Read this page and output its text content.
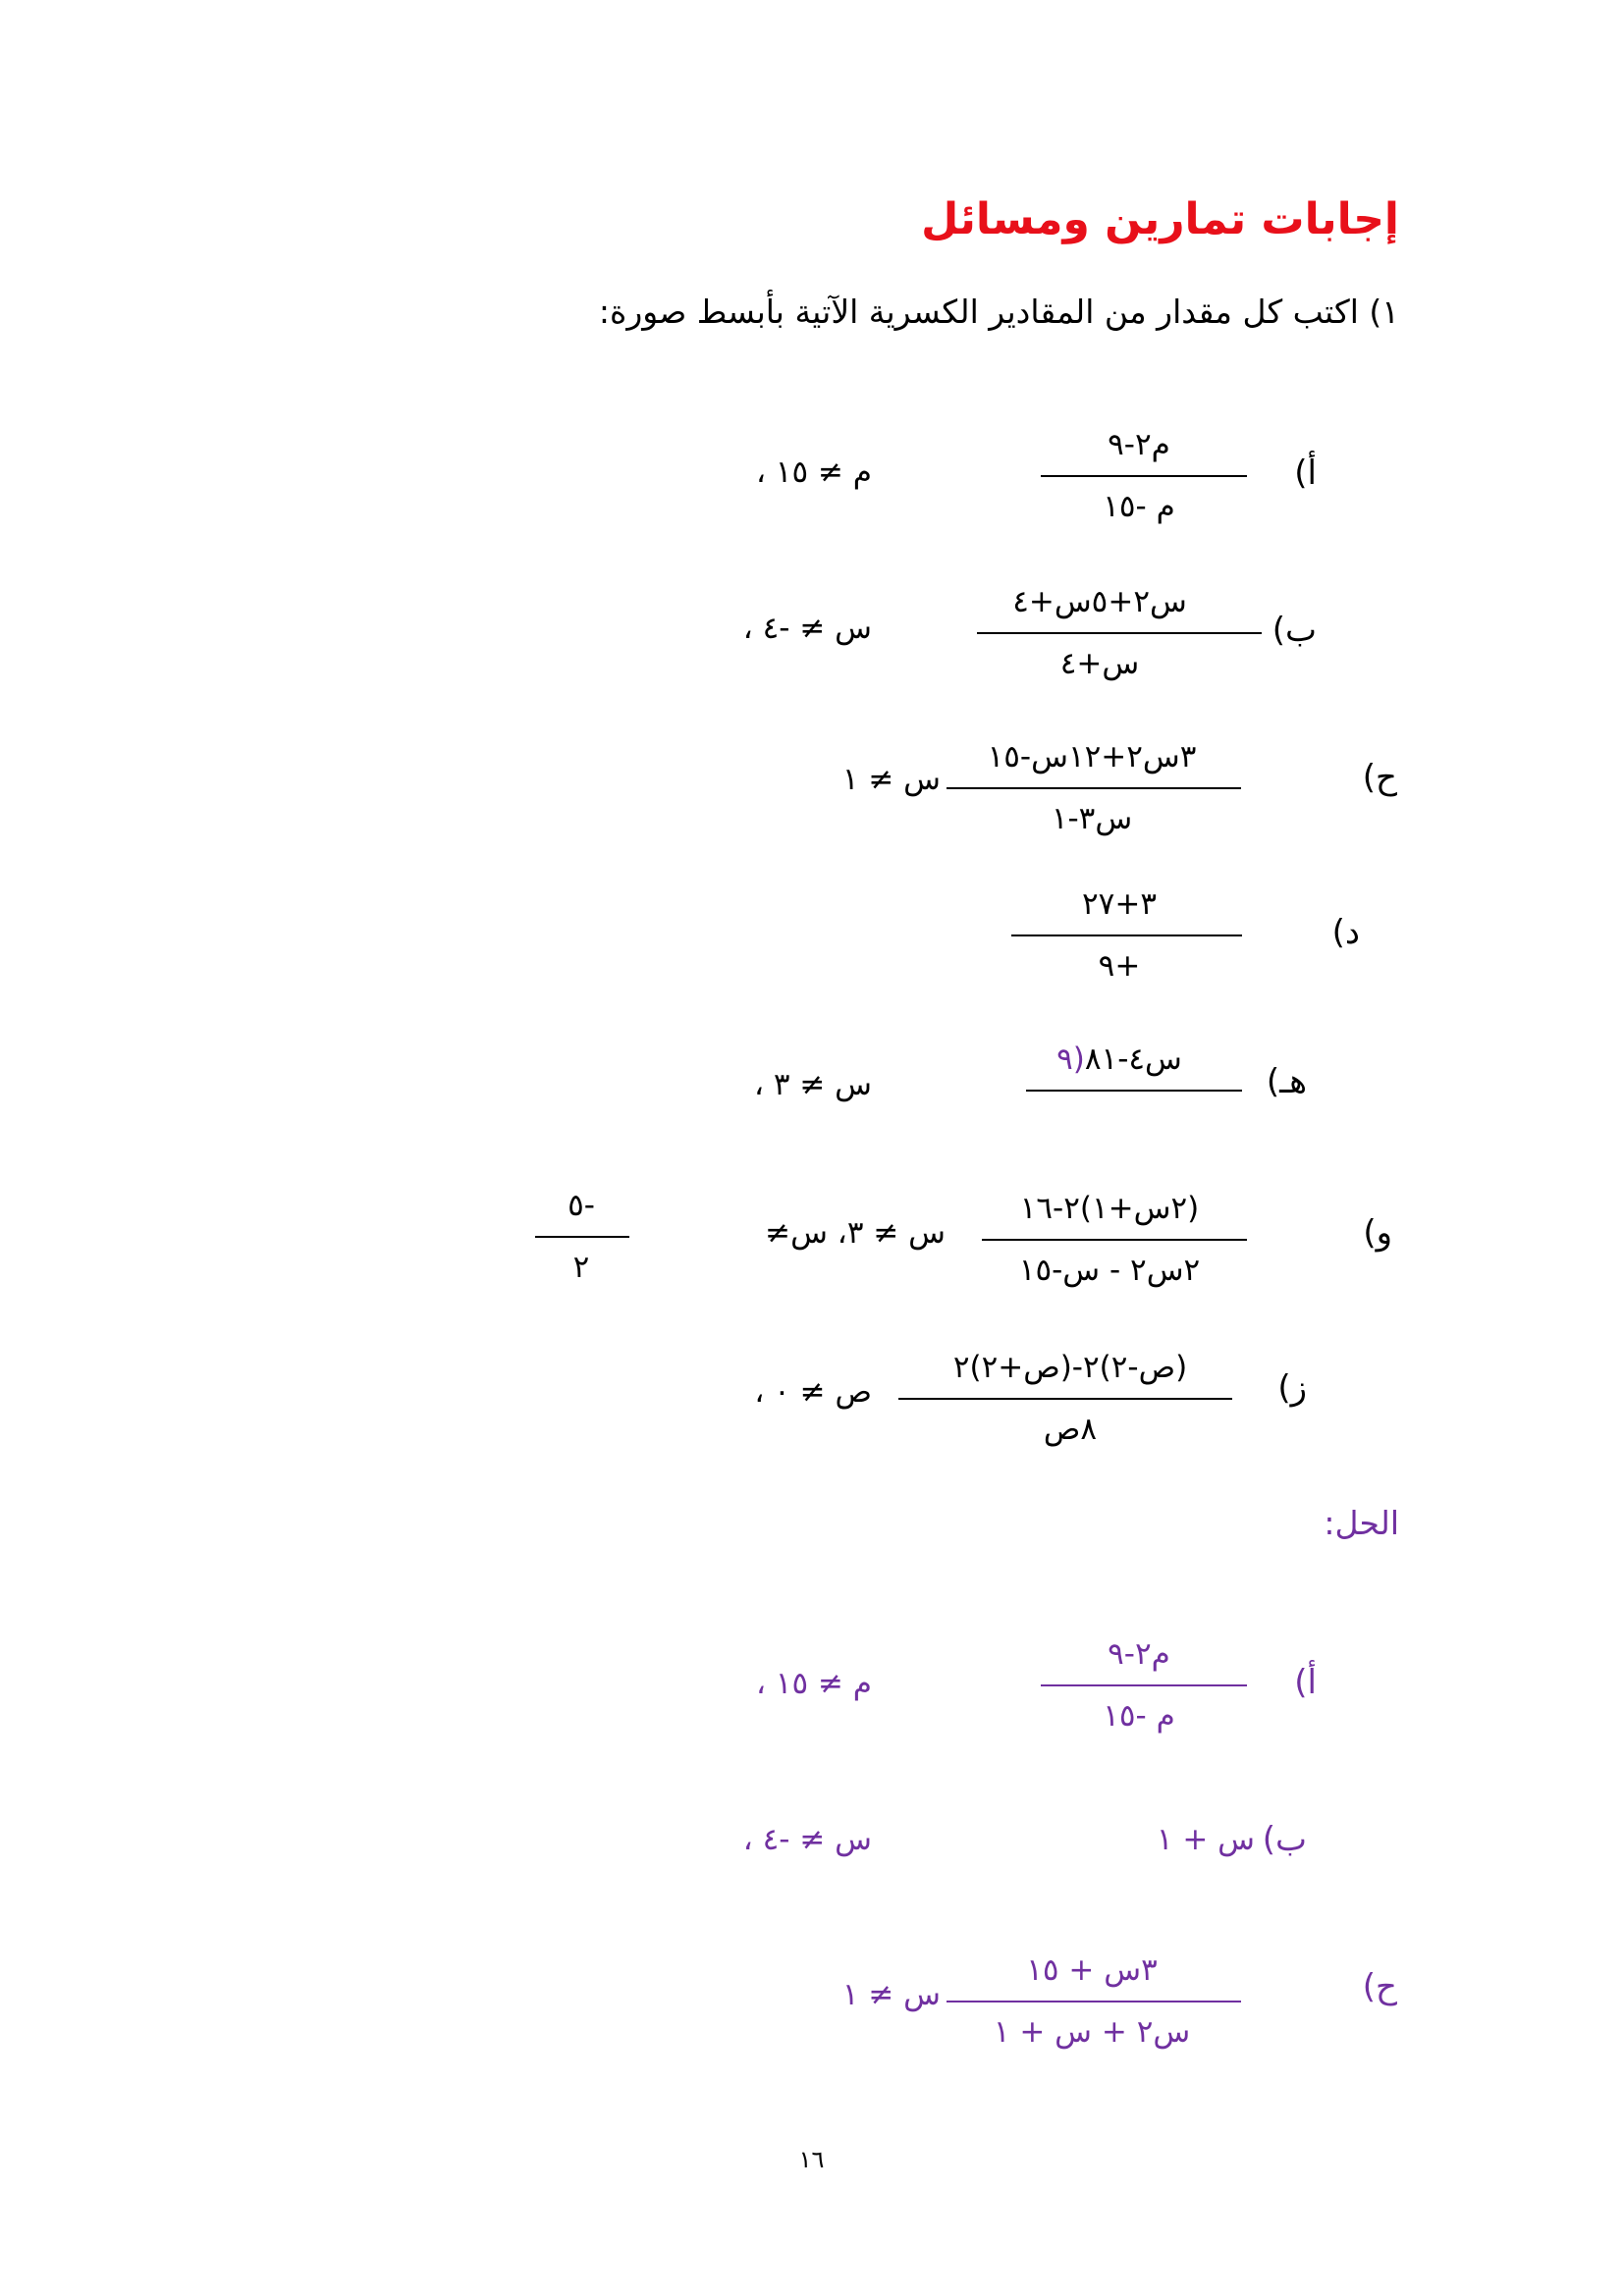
إجابات تمارين ومسائل
١) اكتب كل مقدار من المقادير الكسرية الآتية بأبسط صورة:
أ)
م۲-۹
م -١٥
م ≠ ١٥ ،
ب)
س۲+٥س+٤
س+٤
س ≠ -٤ ،
ح)
٣س۲+١٢س-١٥
س۳-١
س ≠ ١
د)
۳+٢٧
+٩
هـ)
س٤-٨١(٩
س ≠ ٣ ،
و)
(٢س+١)۲-١٦
٢س۲ - س-١٥
س ≠ ٣، س≠
-٥
٢
ز)
(ص-٢)۲-(ص+٢)۲
٨ص
ص ≠ ٠ ،
:الحل
أ)
م۲-۹
م -١٥
م ≠ ١٥ ،
ب)
س + ١
س ≠ -٤ ،
ح)
٣س + ١٥
س۲ + س + ١
س ≠ ١
١٦
